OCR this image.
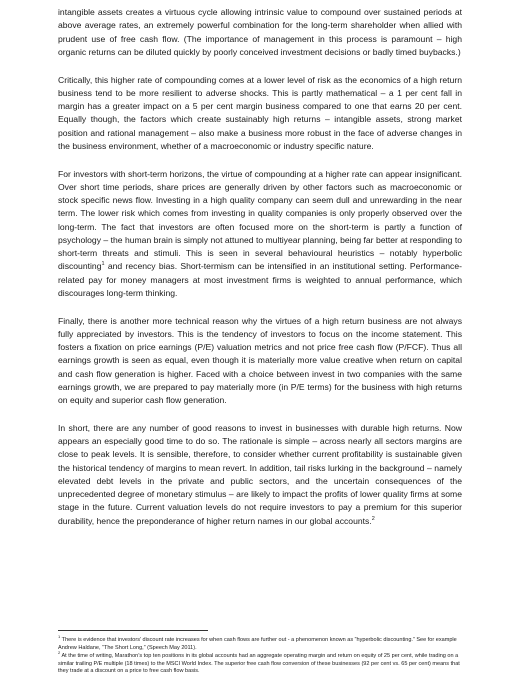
intangible assets creates a virtuous cycle allowing intrinsic value to compound over sustained periods at above average rates, an extremely powerful combination for the long-term shareholder when allied with prudent use of free cash flow. (The importance of management in this process is paramount – high organic returns can be diluted quickly by poorly conceived investment decisions or badly timed buybacks.)

Critically, this higher rate of compounding comes at a lower level of risk as the economics of a high return business tend to be more resilient to adverse shocks. This is partly mathematical – a 1 per cent fall in margin has a greater impact on a 5 per cent margin business compared to one that earns 20 per cent. Equally though, the factors which create sustainably high returns – intangible assets, strong market position and rational management – also make a business more robust in the face of adverse changes in the business environment, whether of a macroeconomic or industry specific nature.

For investors with short-term horizons, the virtue of compounding at a higher rate can appear insignificant. Over short time periods, share prices are generally driven by other factors such as macroeconomic or stock specific news flow. Investing in a high quality company can seem dull and unrewarding in the near term. The lower risk which comes from investing in quality companies is only properly observed over the long-term. The fact that investors are often focused more on the short-term is partly a function of psychology – the human brain is simply not attuned to multiyear planning, being far better at responding to short-term threats and stimuli. This is seen in several behavioural heuristics – notably hyperbolic discounting$^1$ and recency bias. Short-termism can be intensified in an institutional setting. Performance-related pay for money managers at most investment firms is weighted to annual performance, which discourages long-term thinking.

Finally, there is another more technical reason why the virtues of a high return business are not always fully appreciated by investors. This is the tendency of investors to focus on the income statement. This fosters a fixation on price earnings (P/E) valuation metrics and not price free cash flow (P/FCF). Thus all earnings growth is seen as equal, even though it is materially more value creative when return on capital and cash flow generation is higher. Faced with a choice between invest in two companies with the same earnings growth, we are prepared to pay materially more (in P/E terms) for the business with high returns on equity and superior cash flow generation.

In short, there are any number of good reasons to invest in businesses with durable high returns. Now appears an especially good time to do so. The rationale is simple – across nearly all sectors margins are close to peak levels. It is sensible, therefore, to consider whether current profitability is sustainable given the historical tendency of margins to mean revert. In addition, tail risks lurking in the background – namely elevated debt levels in the private and public sectors, and the uncertain consequences of the unprecedented degree of monetary stimulus – are likely to impact the profits of lower quality firms at some stage in the future. Current valuation levels do not require investors to pay a premium for this superior durability, hence the preponderance of higher return names in our global accounts.$^2$

$^1$ There is evidence that investors’ discount rate increases for when cash flows are further out - a phenomenon known as “hyperbolic discounting.” See for example Andrew Haldane, “The Short Long,” (Speech May 2011).

$^2$ At the time of writing, Marathon’s top ten positions in its global accounts had an aggregate operating margin and return on equity of 25 per cent, while trading on a similar trailing P/E multiple (18 times) to the MSCI World Index. The superior free cash flow conversion of these businesses (92 per cent vs. 65 per cent) means that they trade at a discount on a price to free cash flow basis.
